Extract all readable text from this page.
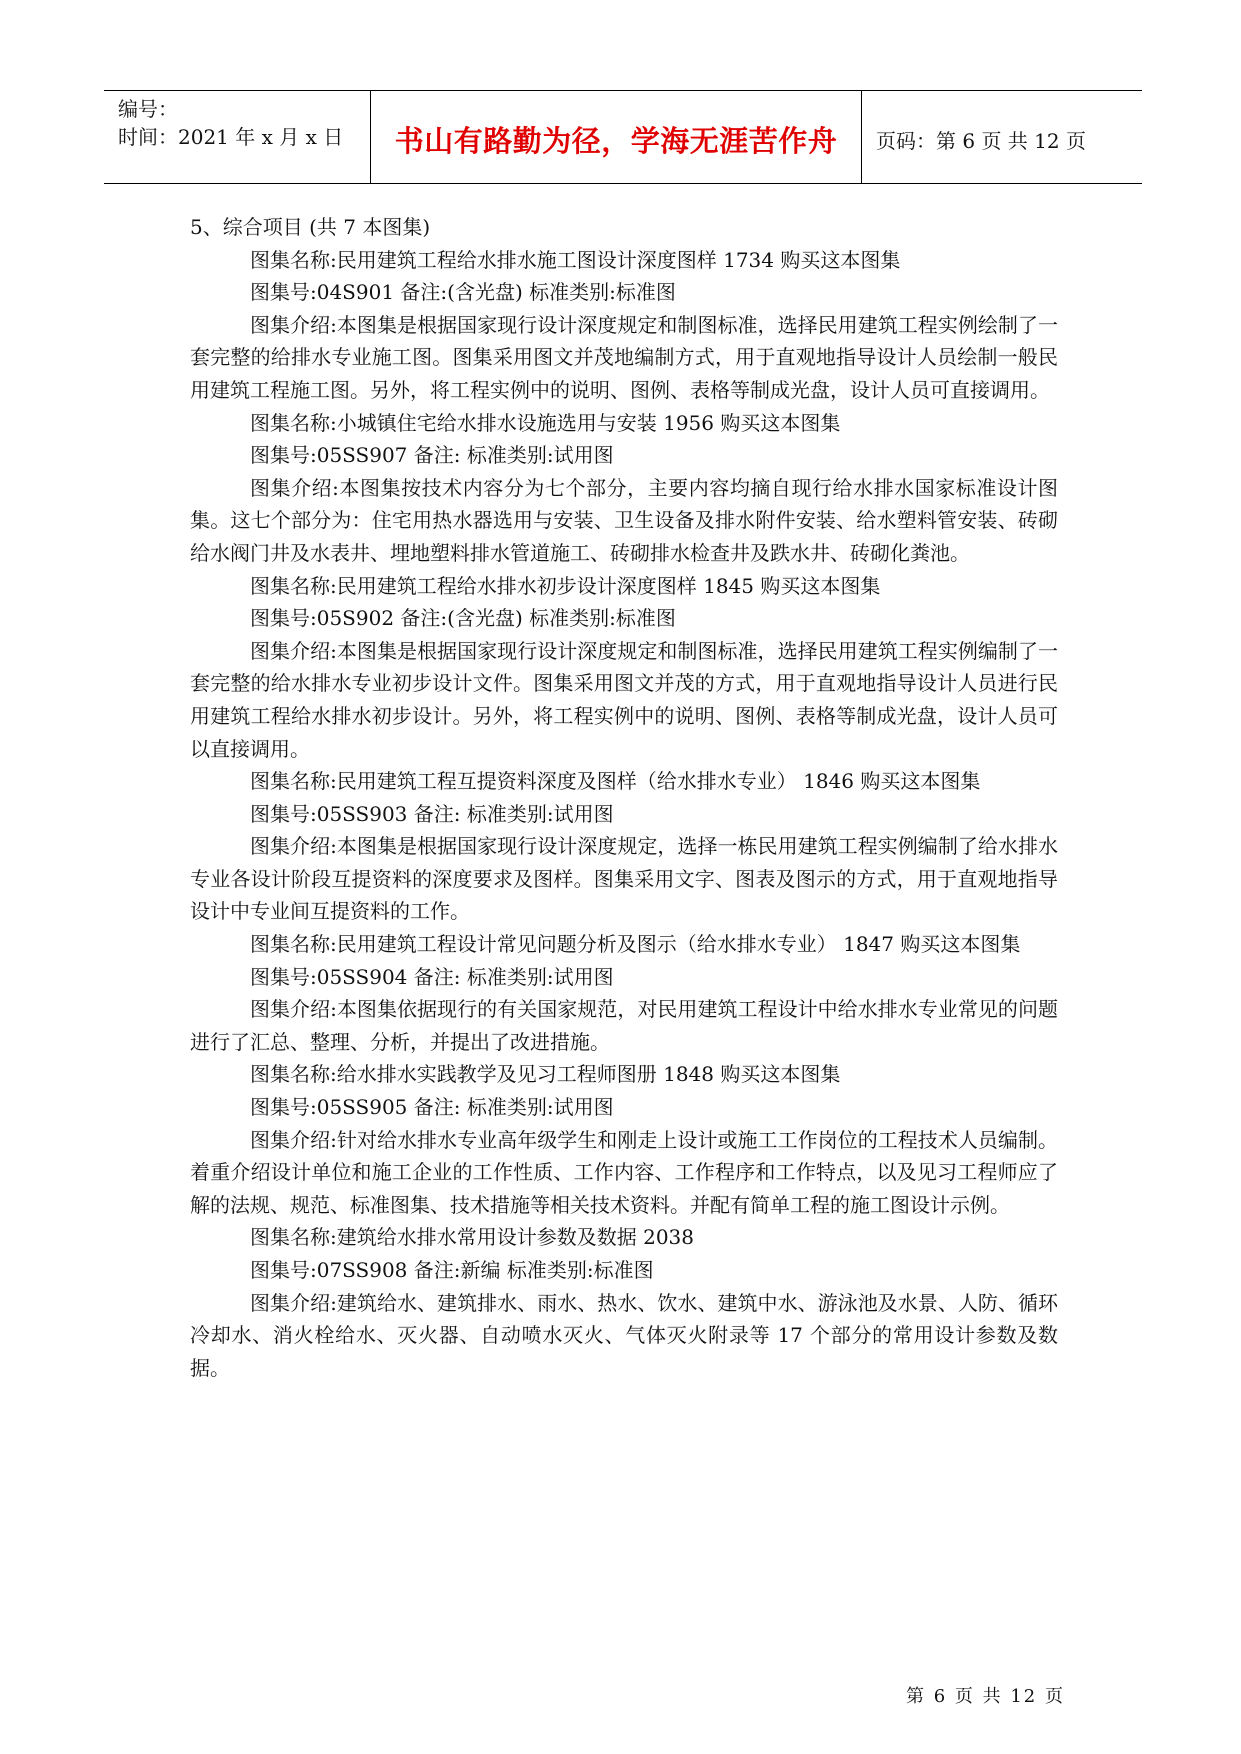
编号：
时间：2021 年 x 月 x 日	书山有路勤为径，学海无涯苦作舟	页码：第 6 页 共 12 页

5、综合项目 (共 7 本图集)

图集名称:民用建筑工程给水排水施工图设计深度图样 1734 购买这本图集

图集号:04S901 备注:(含光盘) 标准类别:标准图

图集介绍:本图集是根据国家现行设计深度规定和制图标准，选择民用建筑工程实例绘制了一套完整的给排水专业施工图。图集采用图文并茂地编制方式，用于直观地指导设计人员绘制一般民用建筑工程施工图。另外，将工程实例中的说明、图例、表格等制成光盘，设计人员可直接调用。

图集名称:小城镇住宅给水排水设施选用与安装 1956 购买这本图集

图集号:05SS907 备注: 标准类别:试用图

图集介绍:本图集按技术内容分为七个部分，主要内容均摘自现行给水排水国家标准设计图集。这七个部分为：住宅用热水器选用与安装、卫生设备及排水附件安装、给水塑料管安装、砖砌给水阀门井及水表井、埋地塑料排水管道施工、砖砌排水检查井及跌水井、砖砌化粪池。

图集名称:民用建筑工程给水排水初步设计深度图样 1845 购买这本图集

图集号:05S902 备注:(含光盘) 标准类别:标准图

图集介绍:本图集是根据国家现行设计深度规定和制图标准，选择民用建筑工程实例编制了一套完整的给水排水专业初步设计文件。图集采用图文并茂的方式，用于直观地指导设计人员进行民用建筑工程给水排水初步设计。另外，将工程实例中的说明、图例、表格等制成光盘，设计人员可以直接调用。

图集名称:民用建筑工程互提资料深度及图样（给水排水专业） 1846 购买这本图集

图集号:05SS903 备注: 标准类别:试用图

图集介绍:本图集是根据国家现行设计深度规定，选择一栋民用建筑工程实例编制了给水排水专业各设计阶段互提资料的深度要求及图样。图集采用文字、图表及图示的方式，用于直观地指导设计中专业间互提资料的工作。

图集名称:民用建筑工程设计常见问题分析及图示（给水排水专业） 1847 购买这本图集

图集号:05SS904 备注: 标准类别:试用图

图集介绍:本图集依据现行的有关国家规范，对民用建筑工程设计中给水排水专业常见的问题进行了汇总、整理、分析，并提出了改进措施。

图集名称:给水排水实践教学及见习工程师图册 1848 购买这本图集

图集号:05SS905 备注: 标准类别:试用图

图集介绍:针对给水排水专业高年级学生和刚走上设计或施工工作岗位的工程技术人员编制。着重介绍设计单位和施工企业的工作性质、工作内容、工作程序和工作特点，以及见习工程师应了解的法规、规范、标准图集、技术措施等相关技术资料。并配有简单工程的施工图设计示例。

图集名称:建筑给水排水常用设计参数及数据 2038

图集号:07SS908 备注:新编 标准类别:标准图

图集介绍:建筑给水、建筑排水、雨水、热水、饮水、建筑中水、游泳池及水景、人防、循环冷却水、消火栓给水、灭火器、自动喷水灭火、气体灭火附录等 17 个部分的常用设计参数及数据。

第 6 页 共 12 页
